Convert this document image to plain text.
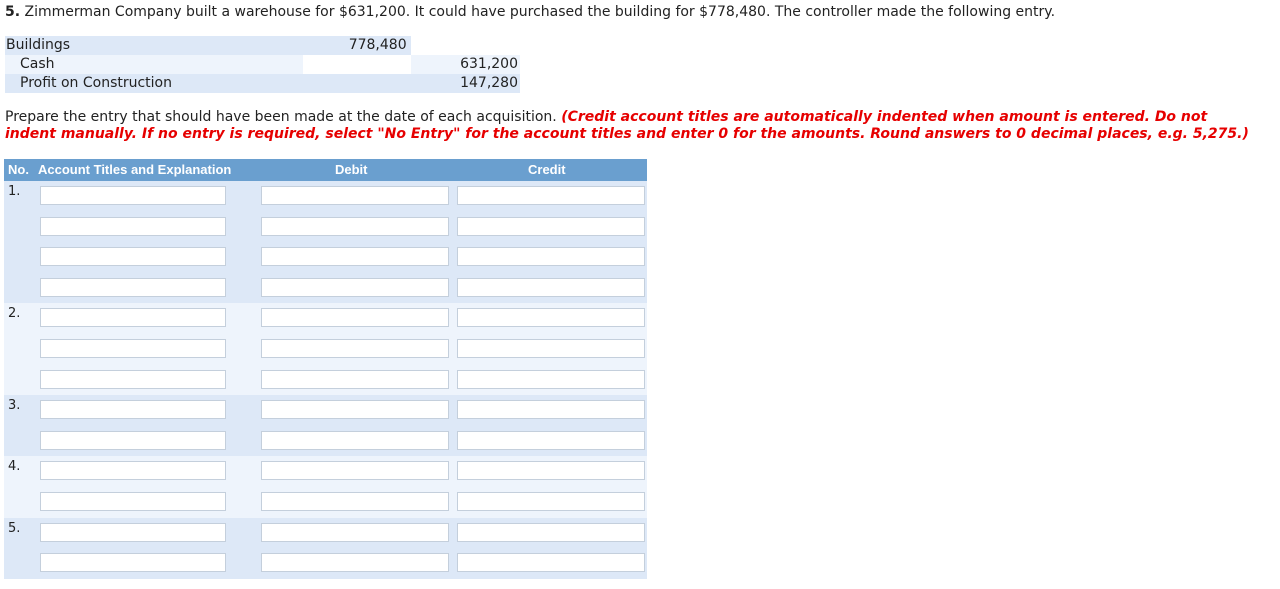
5. Zimmerman Company built a warehouse for $631,200. It could have purchased the building for $778,480. The controller made the following entry.
Buildings	778,480	
Cash		631,200
Profit on Construction		147,280
Prepare the entry that should have been made at the date of each acquisition. (Credit account titles are automatically indented when amount is entered. Do not indent manually. If no entry is required, select "No Entry" for the account titles and enter 0 for the amounts. Round answers to 0 decimal places, e.g. 5,275.)
No. Account Titles and Explanation	Debit	Credit
1.
2.
3.
4.
5.
